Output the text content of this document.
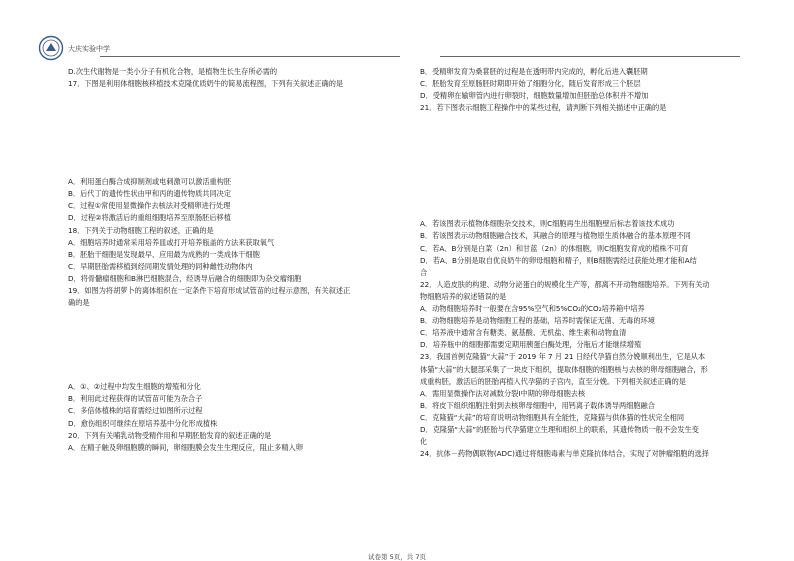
大庆实验中学

D.次生代谢物是一类小分子有机化合物，是植物生长生存所必需的

17．下图是利用体细胞核移植技术克隆优质奶牛的简易流程图，下列有关叙述正确的是

A．利用蛋白酶合成抑制剂或电刺激可以激活重构胚

B．后代丁的遗传性状由甲和丙的遗传物质共同决定

C．过程①常使用显微操作去核法对受精卵进行处理

D．过程②将激活后的重组细胞培养至原肠胚后移植

18．下列关于动物细胞工程的叙述，正确的是

A．细胞培养时通常采用培养皿或打开培养瓶盖的方法来获取氧气

B．胚胎干细胞是发现最早、应用最为成熟的一类成体干细胞

C．早期胚胎需移植到经同期发情处理的同种雌性动物体内

D．将骨髓瘤细胞和B淋巴细胞混合，经诱导后融合的细胞即为杂交瘤细胞

19．如图为将胡萝卜的离体组织在一定条件下培育形成试管苗的过程示意图，有关叙述正

确的是

A．①、②过程中均发生细胞的增殖和分化

B．利用此过程获得的试管苗可能为杂合子

C．多倍体植株的培育需经过如图所示过程

D．愈伤组织可继续在原培养基中分化形成植株

20．下列有关哺乳动物受精作用和早期胚胎发育的叙述正确的是

A．在精子触及卵细胞膜的瞬间，卵细胞膜会发生生理反应，阻止多精入卵

B．受精卵发育为桑葚胚的过程是在透明带内完成的，孵化后进入囊胚期

C．胚胎发育至原肠胚时期即开始了细胞分化，随后发育形成三个胚层

D．受精卵在输卵管内进行卵裂时，细胞数量增加但胚胎总体积并不增加

21．若下图表示细胞工程操作中的某些过程，请判断下列相关描述中正确的是

A．若该图表示植物体细胞杂交技术，则C细胞再生出细胞壁后标志着该技术成功

B．若该图表示动物细胞融合技术，其融合的原理与植物原生质体融合的基本原理不同

C．若A、B分别是白菜（2n）和甘蓝（2n）的体细胞，则C细胞发育成的植株不可育

D．若A、B分别是取自优良奶牛的卵母细胞和精子，则B细胞需经过获能处理才能和A结

合

22．人造皮肤的构建、动物分泌蛋白的规模化生产等，都离不开动物细胞培养。下列有关动

物细胞培养的叙述错误的是

A．动物细胞培养时一般要在含95%空气和5%CO₂的CO₂培养箱中培养

B．动物细胞培养是动物细胞工程的基础，培养时需保证无菌、无毒的环境

C．培养液中通常含有糖类、氨基酸、无机盐、维生素和动物血清

D．培养瓶中的细胞都需要定期用胰蛋白酶处理，分瓶后才能继续增殖

23．我国首例克隆猫“大蒜”于 2019 年 7 月 21 日经代孕猫自然分娩顺利出生，它是从本

体猫“大蒜”的大腿部采集了一块皮下组织，提取体细胞的细胞核与去核的卵母细胞融合，形

成重构胚，激活后的胚胎再植入代孕猫的子宫内，直至分娩。下列相关叙述正确的是

A．需用显微操作法对减数分裂Ⅰ中期的卵母细胞去核

B．将皮下组织细胞注射到去核卵母细胞中，用钙离子载体诱导两细胞融合

C．克隆猫“大蒜”的培育说明动物细胞具有全能性，克隆猫与供体猫的性状完全相同

D．克隆猫“大蒜”的胚胎与代孕猫建立生理和组织上的联系，其遗传物质一般不会发生变

化

24．抗体－药物偶联物(ADC)通过将细胞毒素与单克隆抗体结合，实现了对肿瘤细胞的选择

试卷第 5页，共 7页
